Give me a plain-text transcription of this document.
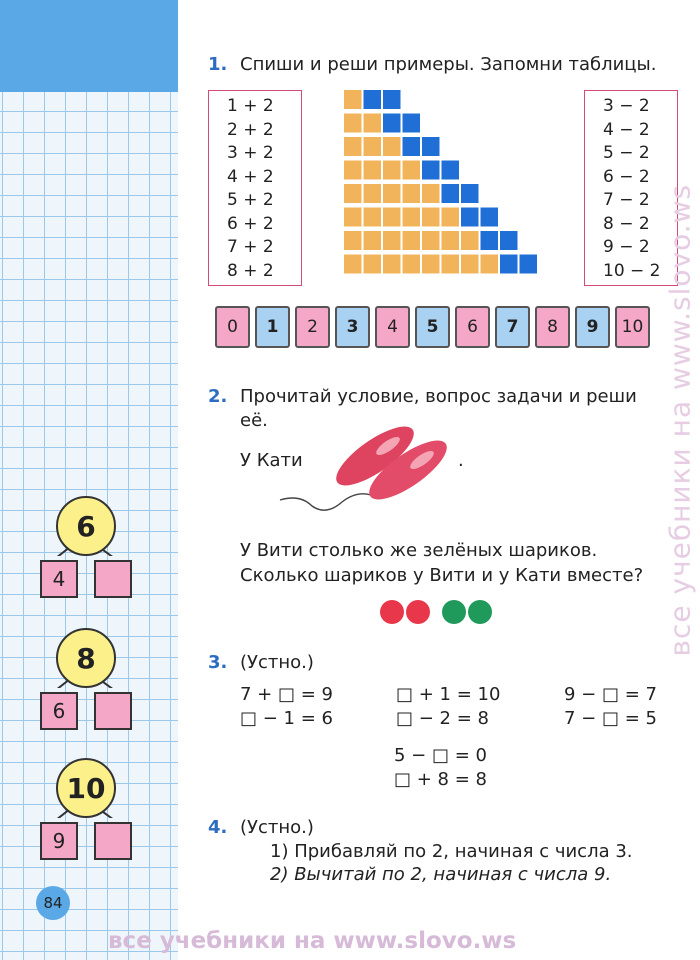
6
4
8
6
10
9
84
1. Спиши и реши примеры. Запомни таблицы.
1 + 2
2 + 2
3 + 2
4 + 2
5 + 2
6 + 2
7 + 2
8 + 2
3 − 2
4 − 2
5 − 2
6 − 2
7 − 2
8 − 2
9 − 2
10 − 2
0	1	2	3	4	5	6	7	8	9	10
2. Прочитай условие, вопрос задачи и реши
её.
У Кати	.
У Вити столько же зелёных шариков.
Сколько шариков у Вити и у Кати вместе?
3. (Устно.)
7 + □ = 9
□ − 1 = 6
□ + 1 = 10
□ − 2 = 8
9 − □ = 7
7 − □ = 5
5 − □ = 0
□ + 8 = 8
4. (Устно.)
1) Прибавляй по 2, начиная с числа 3.
2) Вычитай по 2, начиная с числа 9.
все учебники на www.slovo.ws
все учебники на www.slovo.ws
